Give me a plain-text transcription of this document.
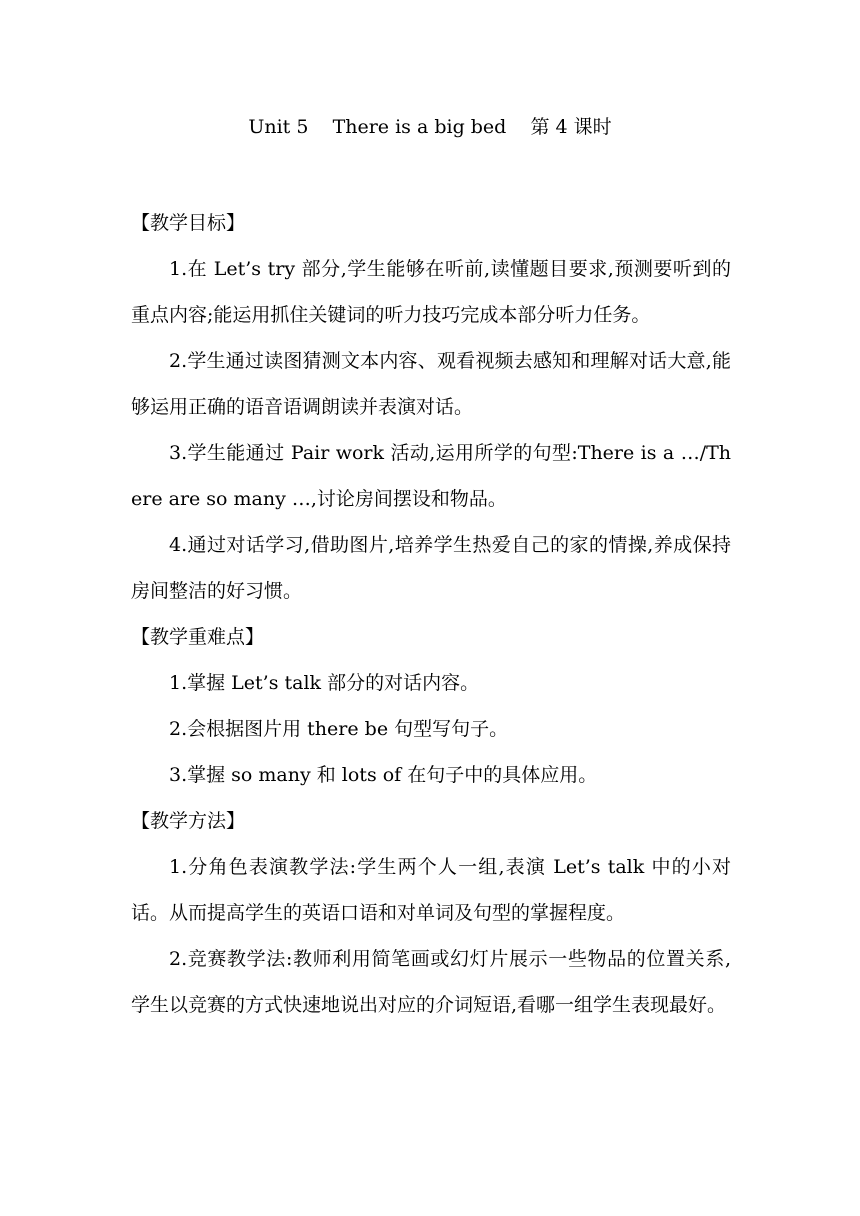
Unit 5    There is a big bed    第 4 课时

【教学目标】

1.在 Let’s try 部分,学生能够在听前,读懂题目要求,预测要听到的重点内容;能运用抓住关键词的听力技巧完成本部分听力任务。

2.学生通过读图猜测文本内容、观看视频去感知和理解对话大意,能够运用正确的语音语调朗读并表演对话。

3.学生能通过 Pair work 活动,运用所学的句型:There is a …/There are so many …,讨论房间摆设和物品。

4.通过对话学习,借助图片,培养学生热爱自己的家的情操,养成保持房间整洁的好习惯。

【教学重难点】

1.掌握 Let’s talk 部分的对话内容。

2.会根据图片用 there be 句型写句子。

3.掌握 so many 和 lots of 在句子中的具体应用。

【教学方法】

1.分角色表演教学法:学生两个人一组,表演 Let’s talk 中的小对话。从而提高学生的英语口语和对单词及句型的掌握程度。

2.竞赛教学法:教师利用简笔画或幻灯片展示一些物品的位置关系,学生以竞赛的方式快速地说出对应的介词短语,看哪一组学生表现最好。
